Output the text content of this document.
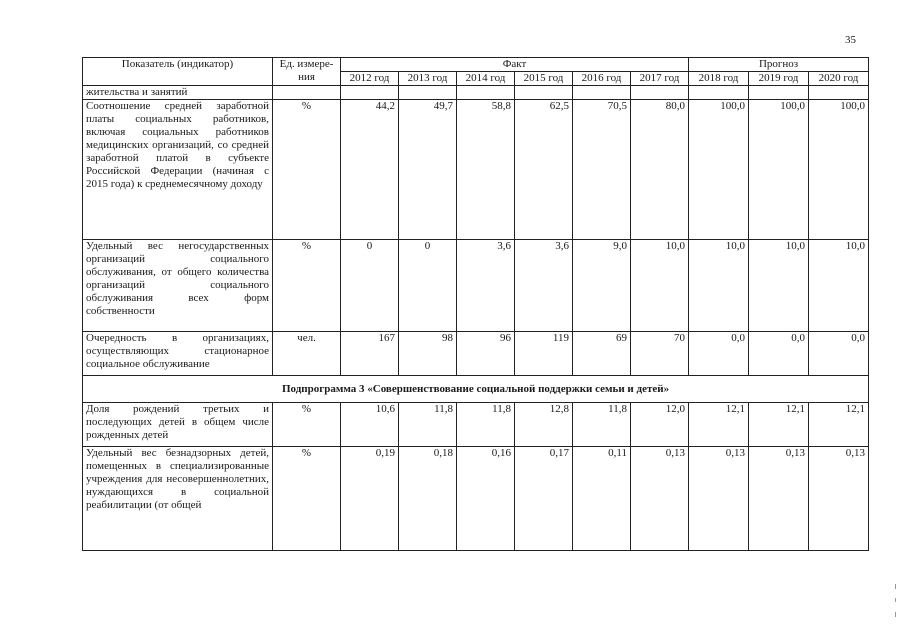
35
Показатель (индикатор)	Ед. измере-ния	Факт						Прогноз		
		2012 год	2013 год	2014 год	2015 год	2016 год	2017 год	2018 год	2019 год	2020 год
жительства и занятий										
Соотношение средней заработной платы социальных работников, включая социальных работников медицинских организаций, со средней заработной платой в субъекте Российской Федерации (начиная с 2015 года) к среднемесячному доходу	%	44,2	49,7	58,8	62,5	70,5	80,0	100,0	100,0	100,0
Удельный вес негосударственных организаций социального обслуживания, от общего количества организаций социального обслуживания всех форм собственности	%	0	0	3,6	3,6	9,0	10,0	10,0	10,0	10,0
Очередность в организациях, осуществляющих стационарное социальное обслуживание	чел.	167	98	96	119	69	70	0,0	0,0	0,0
Подпрограмма 3 «Совершенствование социальной поддержки семьи и детей»										
Доля рождений третьих и последующих детей в общем числе рожденных детей	%	10,6	11,8	11,8	12,8	11,8	12,0	12,1	12,1	12,1
Удельный вес безнадзорных детей, помещенных в специализированные учреждения для несовершеннолетних, нуждающихся в социальной реабилитации (от общей	%	0,19	0,18	0,16	0,17	0,11	0,13	0,13	0,13	0,13
